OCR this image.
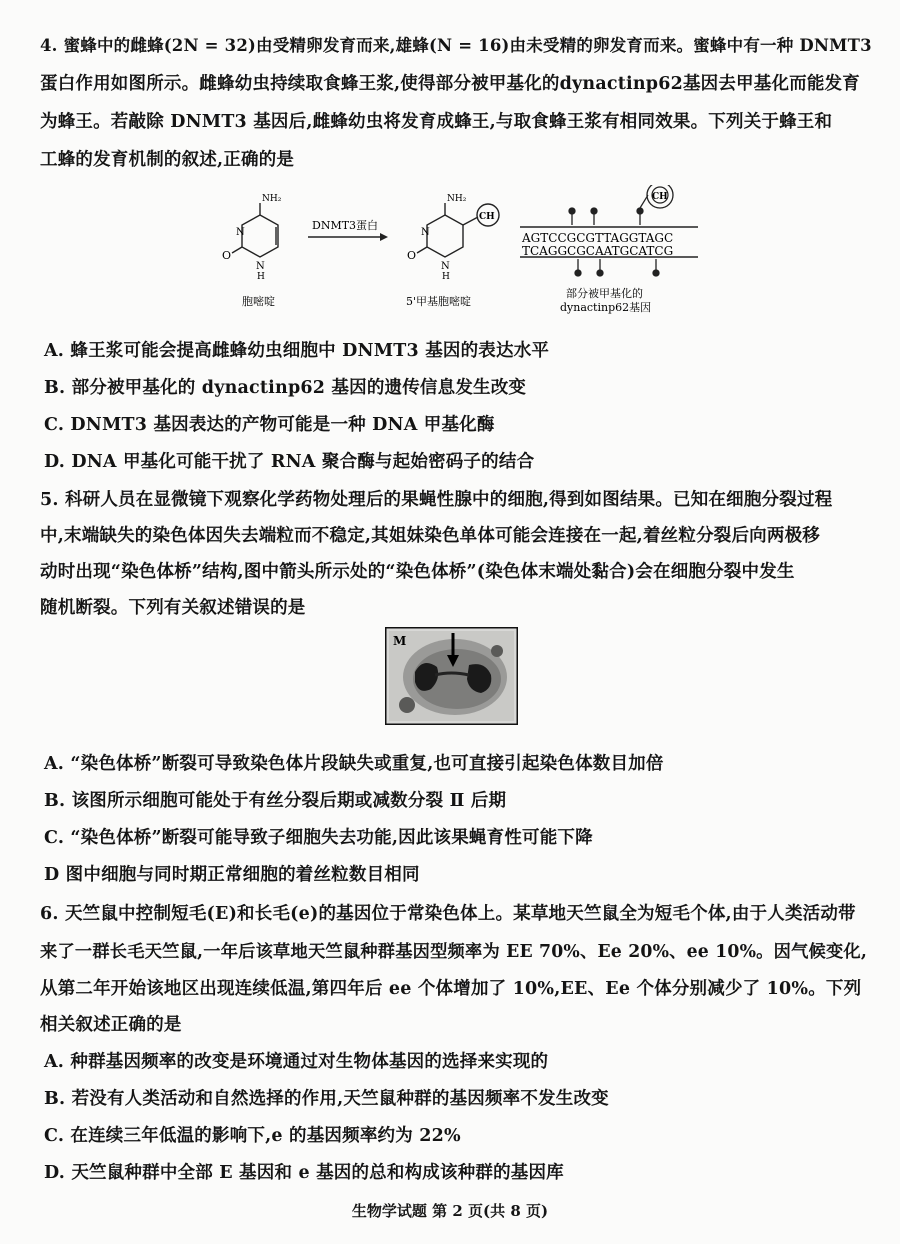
4. 蜜蜂中的雌蜂(2N = 32)由受精卵发育而来,雄蜂(N = 16)由未受精的卵发育而来。蜜蜂中有一种 DNMT3
蛋白作用如图所示。雌蜂幼虫持续取食蜂王浆,使得部分被甲基化的dynactinp62基因去甲基化而能发育
为蜂王。若敲除 DNMT3 基因后,雌蜂幼虫将发育成蜂王,与取食蜂王浆有相同效果。下列关于蜂王和
工蜂的发育机制的叙述,正确的是
NH₂
O
N
N
H
DNMT3蛋白
NH₂
O
N
N
H
CH
CH
AGTCCGCGTTAGGTAGC
TCAGGCGCAATGCATCG
胞嘧啶	5'甲基胞嘧啶
部分被甲基化的
dynactinp62基因
A. 蜂王浆可能会提高雌蜂幼虫细胞中 DNMT3 基因的表达水平
B. 部分被甲基化的 dynactinp62 基因的遗传信息发生改变
C. DNMT3 基因表达的产物可能是一种 DNA 甲基化酶
D. DNA 甲基化可能干扰了 RNA 聚合酶与起始密码子的结合
5. 科研人员在显微镜下观察化学药物处理后的果蝇性腺中的细胞,得到如图结果。已知在细胞分裂过程
中,末端缺失的染色体因失去端粒而不稳定,其姐妹染色单体可能会连接在一起,着丝粒分裂后向两极移
动时出现“染色体桥”结构,图中箭头所示处的“染色体桥”(染色体末端处黏合)会在细胞分裂中发生
随机断裂。下列有关叙述错误的是
M
A. “染色体桥”断裂可导致染色体片段缺失或重复,也可直接引起染色体数目加倍
B. 该图所示细胞可能处于有丝分裂后期或减数分裂 Ⅱ 后期
C. “染色体桥”断裂可能导致子细胞失去功能,因此该果蝇育性可能下降
D 图中细胞与同时期正常细胞的着丝粒数目相同
6. 天竺鼠中控制短毛(E)和长毛(e)的基因位于常染色体上。某草地天竺鼠全为短毛个体,由于人类活动带
来了一群长毛天竺鼠,一年后该草地天竺鼠种群基因型频率为 EE 70%、Ee 20%、ee 10%。因气候变化,
从第二年开始该地区出现连续低温,第四年后 ee 个体增加了 10%,EE、Ee 个体分别减少了 10%。下列
相关叙述正确的是
A. 种群基因频率的改变是环境通过对生物体基因的选择来实现的
B. 若没有人类活动和自然选择的作用,天竺鼠种群的基因频率不发生改变
C. 在连续三年低温的影响下,e 的基因频率约为 22%
D. 天竺鼠种群中全部 E 基因和 e 基因的总和构成该种群的基因库
生物学试题 第 2 页(共 8 页)
